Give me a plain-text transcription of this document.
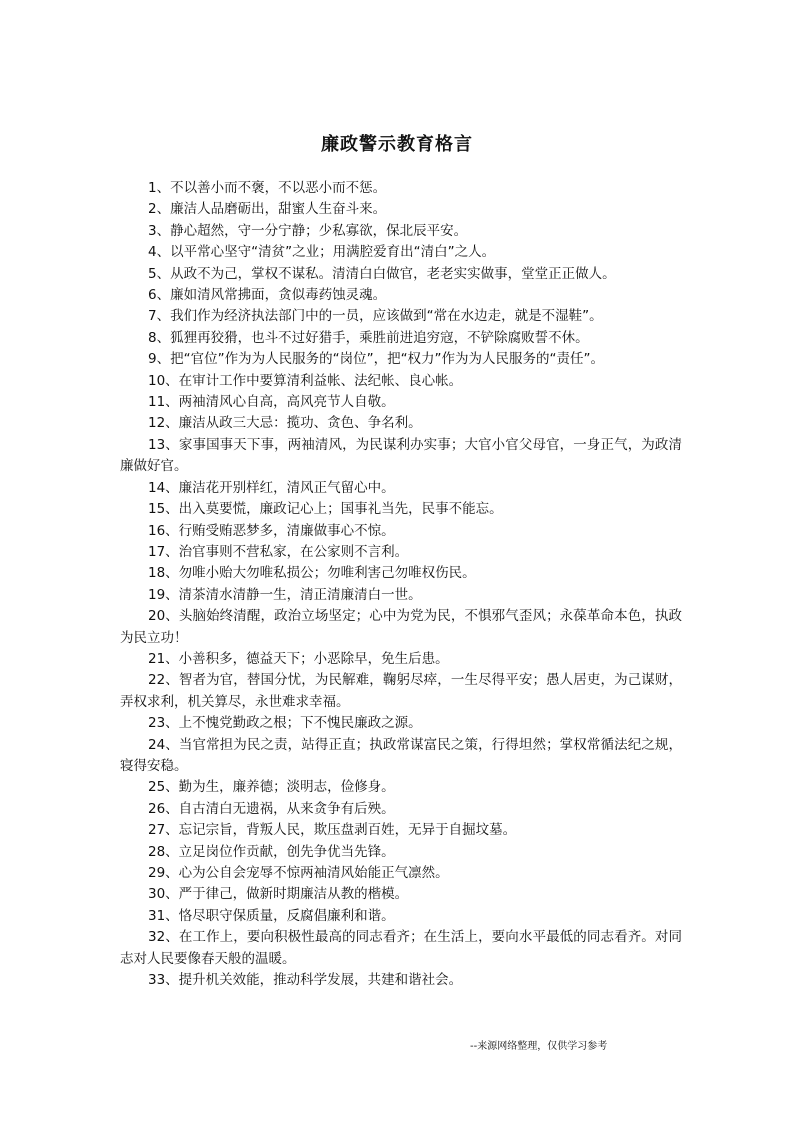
廉政警示教育格言
1、不以善小而不褒，不以恶小而不惩。
2、廉洁人品磨砺出，甜蜜人生奋斗来。
3、静心超然，守一分宁静；少私寡欲，保北辰平安。
4、以平常心坚守“清贫”之业；用满腔爱育出“清白”之人。
5、从政不为己，掌权不谋私。清清白白做官，老老实实做事，堂堂正正做人。
6、廉如清风常拂面，贪似毒药蚀灵魂。
7、我们作为经济执法部门中的一员，应该做到“常在水边走，就是不湿鞋”。
8、狐狸再狡猾，也斗不过好猎手，乘胜前进追穷寇，不铲除腐败誓不休。
9、把“官位”作为为人民服务的“岗位”，把“权力”作为为人民服务的“责任”。
10、在审计工作中要算清利益帐、法纪帐、良心帐。
11、两袖清风心自高，高风亮节人自敬。
12、廉洁从政三大忌：揽功、贪色、争名利。
13、家事国事天下事，两袖清风，为民谋利办实事；大官小官父母官，一身正气，为政清廉做好官。
14、廉洁花开别样红，清风正气留心中。
15、出入莫要慌，廉政记心上；国事礼当先，民事不能忘。
16、行贿受贿恶梦多，清廉做事心不惊。
17、治官事则不营私家，在公家则不言利。
18、勿唯小贻大勿唯私损公；勿唯利害己勿唯权伤民。
19、清茶清水清静一生，清正清廉清白一世。
20、头脑始终清醒，政治立场坚定；心中为党为民，不惧邪气歪风；永葆革命本色，执政为民立功！
21、小善积多，德益天下；小恶除早，免生后患。
22、智者为官，替国分忧，为民解难，鞠躬尽瘁，一生尽得平安；愚人居吏，为己谋财，弄权求利，机关算尽，永世难求幸福。
23、上不愧党勤政之根；下不愧民廉政之源。
24、当官常担为民之责，站得正直；执政常谋富民之策，行得坦然；掌权常循法纪之规，寝得安稳。
25、勤为生，廉养德；淡明志，俭修身。
26、自古清白无遗祸，从来贪争有后殃。
27、忘记宗旨，背叛人民，欺压盘剥百姓，无异于自掘坟墓。
28、立足岗位作贡献，创先争优当先锋。
29、心为公自会宠辱不惊两袖清风始能正气凛然。
30、严于律己，做新时期廉洁从教的楷模。
31、恪尽职守保质量，反腐倡廉利和谐。
32、在工作上，要向积极性最高的同志看齐；在生活上，要向水平最低的同志看齐。对同志对人民要像春天般的温暖。
33、提升机关效能，推动科学发展，共建和谐社会。

--来源网络整理，仅供学习参考
